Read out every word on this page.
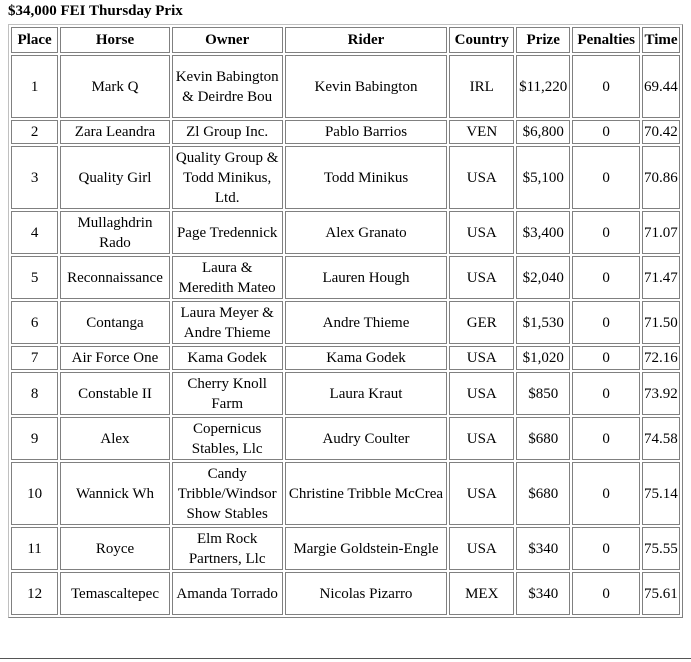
$34,000 FEI Thursday Prix
Place	Horse	Owner	Rider	Country	Prize	Penalties	Time
1	Mark Q	Kevin Babington & Deirdre Bou	Kevin Babington	IRL	$11,220	0	69.44
2	Zara Leandra	Zl Group Inc.	Pablo Barrios	VEN	$6,800	0	70.42
3	Quality Girl	Quality Group & Todd Minikus, Ltd.	Todd Minikus	USA	$5,100	0	70.86
4	Mullaghdrin Rado	Page Tredennick	Alex Granato	USA	$3,400	0	71.07
5	Reconnaissance	Laura & Meredith Mateo	Lauren Hough	USA	$2,040	0	71.47
6	Contanga	Laura Meyer & Andre Thieme	Andre Thieme	GER	$1,530	0	71.50
7	Air Force One	Kama Godek	Kama Godek	USA	$1,020	0	72.16
8	Constable II	Cherry Knoll Farm	Laura Kraut	USA	$850	0	73.92
9	Alex	Copernicus Stables, Llc	Audry Coulter	USA	$680	0	74.58
10	Wannick Wh	Candy Tribble/Windsor Show Stables	Christine Tribble McCrea	USA	$680	0	75.14
11	Royce	Elm Rock Partners, Llc	Margie Goldstein-Engle	USA	$340	0	75.55
12	Temascaltepec	Amanda Torrado	Nicolas Pizarro	MEX	$340	0	75.61
